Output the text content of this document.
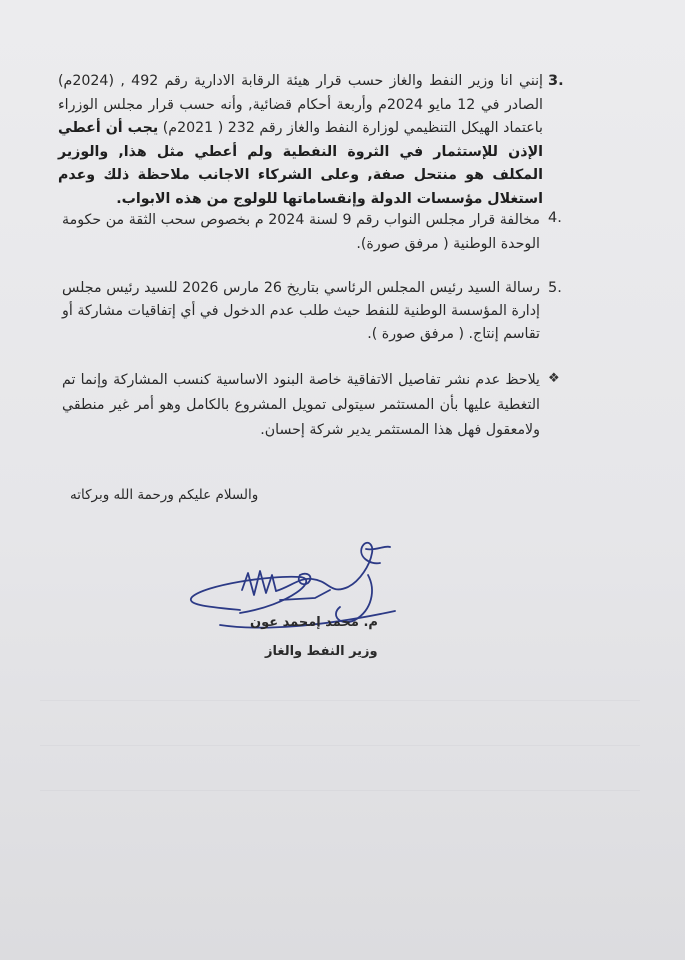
3.
إنني انا وزير النفط والغاز حسب قرار هيئة الرقابة الادارية رقم 492 , (2024م) الصادر في 12 مايو 2024م وأربعة أحكام قضائية, وأنه حسب قرار مجلس الوزراء باعتماد الهيكل التنظيمي لوزارة النفط والغاز رقم 232 ( 2021م) يجب أن أعطي الإذن للإستثمار في الثروة النفطية ولم أعطي مثل هذا, والوزير المكلف هو منتحل صفة, وعلى الشركاء الاجانب ملاحظة ذلك وعدم استغلال مؤسسات الدولة وإنقساماتها للولوج من هذه الابواب.
4.
مخالفة قرار مجلس النواب رقم 9 لسنة 2024 م بخصوص سحب الثقة من حكومة الوحدة الوطنية ( مرفق صورة).
5.
رسالة السيد رئيس المجلس الرئاسي بتاريخ 26 مارس 2026 للسيد رئيس مجلس إدارة المؤسسة الوطنية للنفط حيث طلب عدم الدخول في أي إتفاقيات مشاركة أو تقاسم إنتاج. ( مرفق صورة ).
❖
يلاحظ عدم نشر تفاصيل الاتفاقية خاصة البنود الاساسية كنسب المشاركة وإنما تم التغطية عليها بأن المستثمر سيتولى تمويل المشروع بالكامل وهو أمر غير منطقي ولامعقول فهل هذا المستثمر يدير شركة إحسان.
والسلام عليكم ورحمة الله وبركاته
م. محمد إمحمد عون
وزير النفط والغاز
